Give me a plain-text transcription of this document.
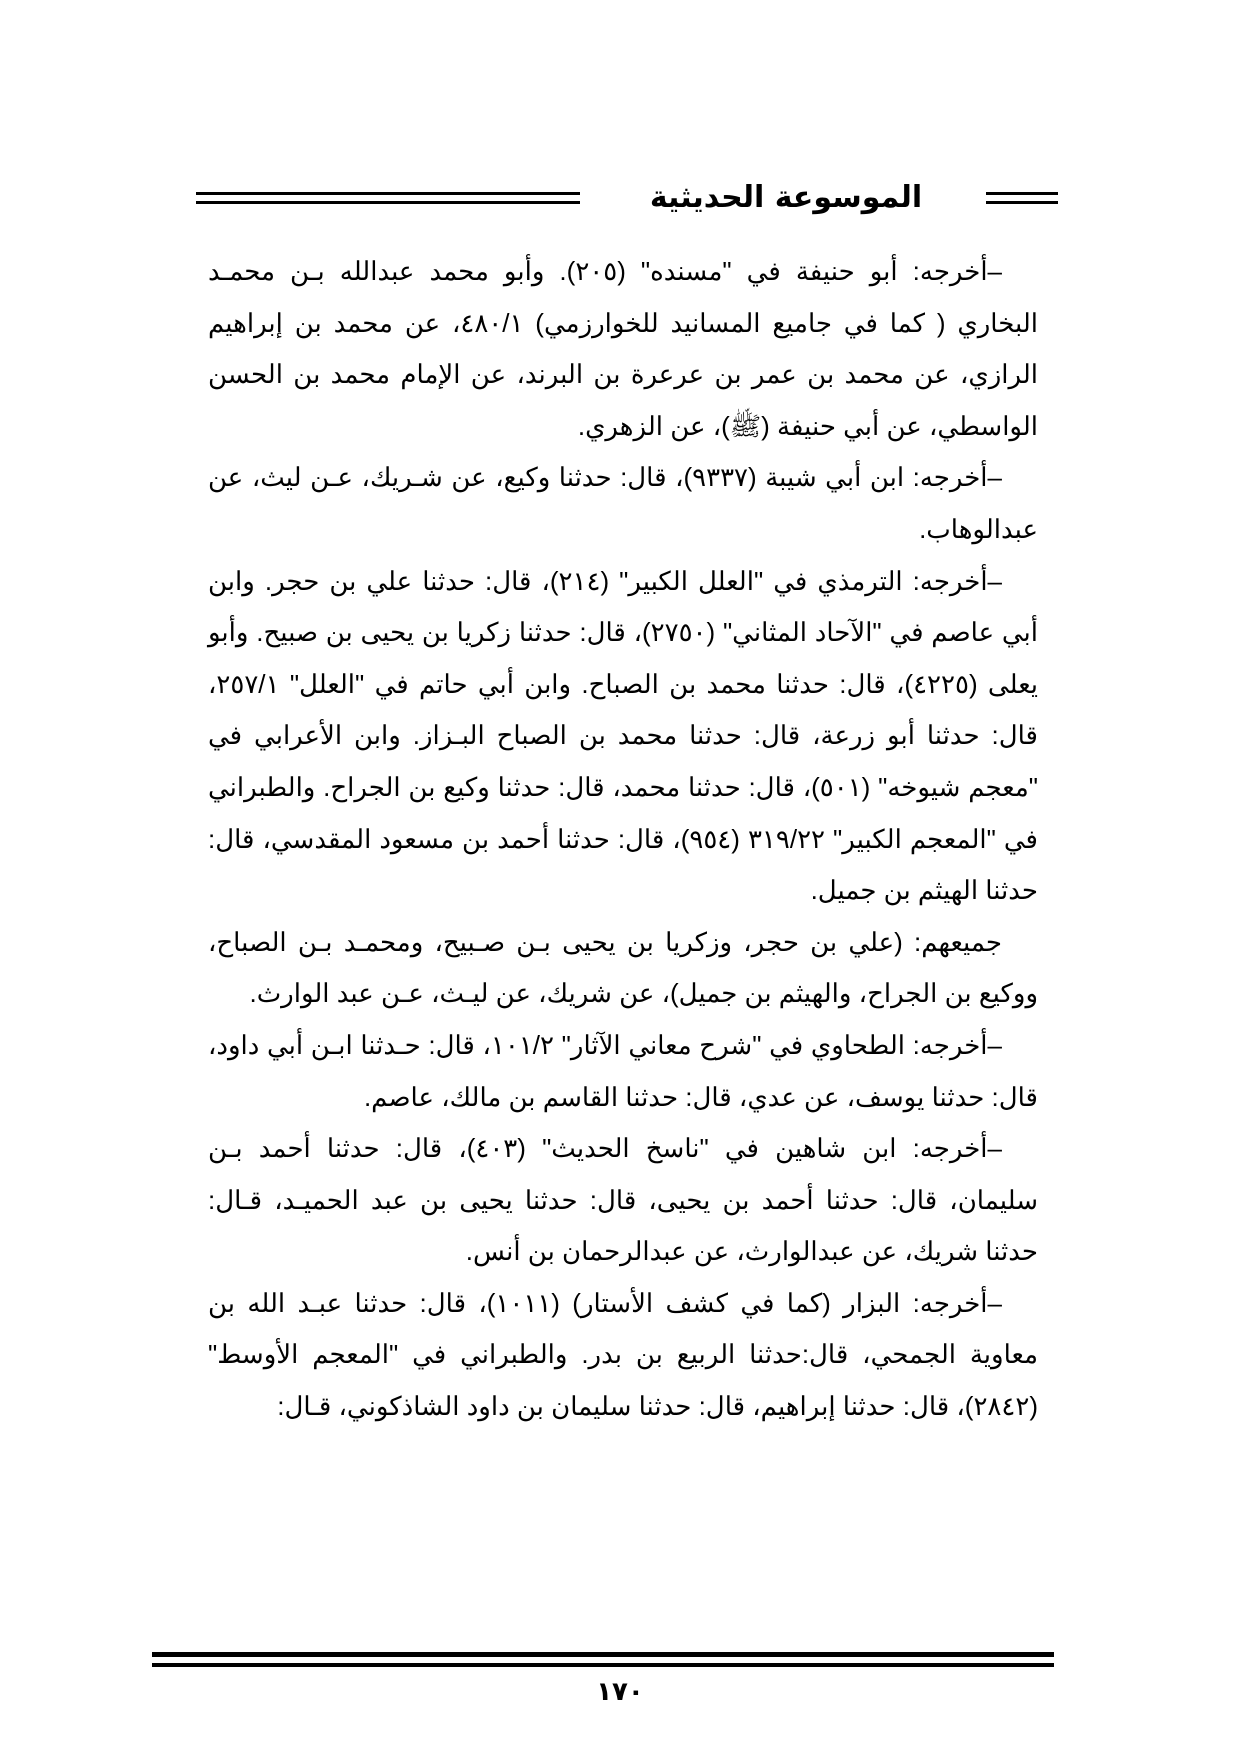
الموسوعة الحديثية

–أخرجه: أبو حنيفة في "مسنده" (٢٠٥). وأبو محمد عبدالله بـن محمـد البخاري ( كما في جاميع المسانيد للخوارزمي) ٤٨٠/١، عن محمد بن إبراهيم الرازي، عن محمد بن عمر بن عرعرة بن البرند، عن الإمام محمد بن الحسن الواسطي، عن أبي حنيفة (ﷺ)، عن الزهري.

–أخرجه: ابن أبي شيبة (٩٣٣٧)، قال: حدثنا وكيع، عن شـريك، عـن ليث، عن عبدالوهاب.

–أخرجه: الترمذي في "العلل الكبير" (٢١٤)، قال: حدثنا علي بن حجر. وابن أبي عاصم في "الآحاد المثاني" (٢٧٥٠)، قال: حدثنا زكريا بن يحيى بن صبيح. وأبو يعلى (٤٢٢٥)، قال: حدثنا محمد بن الصباح. وابن أبي حاتم في "العلل" ٢٥٧/١، قال: حدثنا أبو زرعة، قال: حدثنا محمد بن الصباح البـزاز. وابن الأعرابي في "معجم شيوخه" (٥٠١)، قال: حدثنا محمد، قال: حدثنا وكيع بن الجراح. والطبراني في "المعجم الكبير" ٣١٩/٢٢ (٩٥٤)، قال: حدثنا أحمد بن مسعود المقدسي، قال: حدثنا الهيثم بن جميل.

جميعهم: (علي بن حجر، وزكريا بن يحيى بـن صـبيح، ومحمـد بـن الصباح، ووكيع بن الجراح، والهيثم بن جميل)، عن شريك، عن ليـث، عـن عبد الوارث.

–أخرجه: الطحاوي في "شرح معاني الآثار" ١٠١/٢، قال: حـدثنا ابـن أبي داود، قال: حدثنا يوسف، عن عدي، قال: حدثنا القاسم بن مالك، عاصم.

–أخرجه: ابن شاهين في "ناسخ الحديث" (٤٠٣)، قال: حدثنا أحمد بـن سليمان، قال: حدثنا أحمد بن يحيى، قال: حدثنا يحيى بن عبد الحميـد، قـال: حدثنا شريك، عن عبدالوارث، عن عبدالرحمان بن أنس.

–أخرجه: البزار (كما في كشف الأستار) (١٠١١)، قال: حدثنا عبـد الله بن معاوية الجمحي، قال:حدثنا الربيع بن بدر. والطبراني في "المعجم الأوسط" (٢٨٤٢)، قال: حدثنا إبراهيم، قال: حدثنا سليمان بن داود الشاذكوني، قـال:

١٧٠
